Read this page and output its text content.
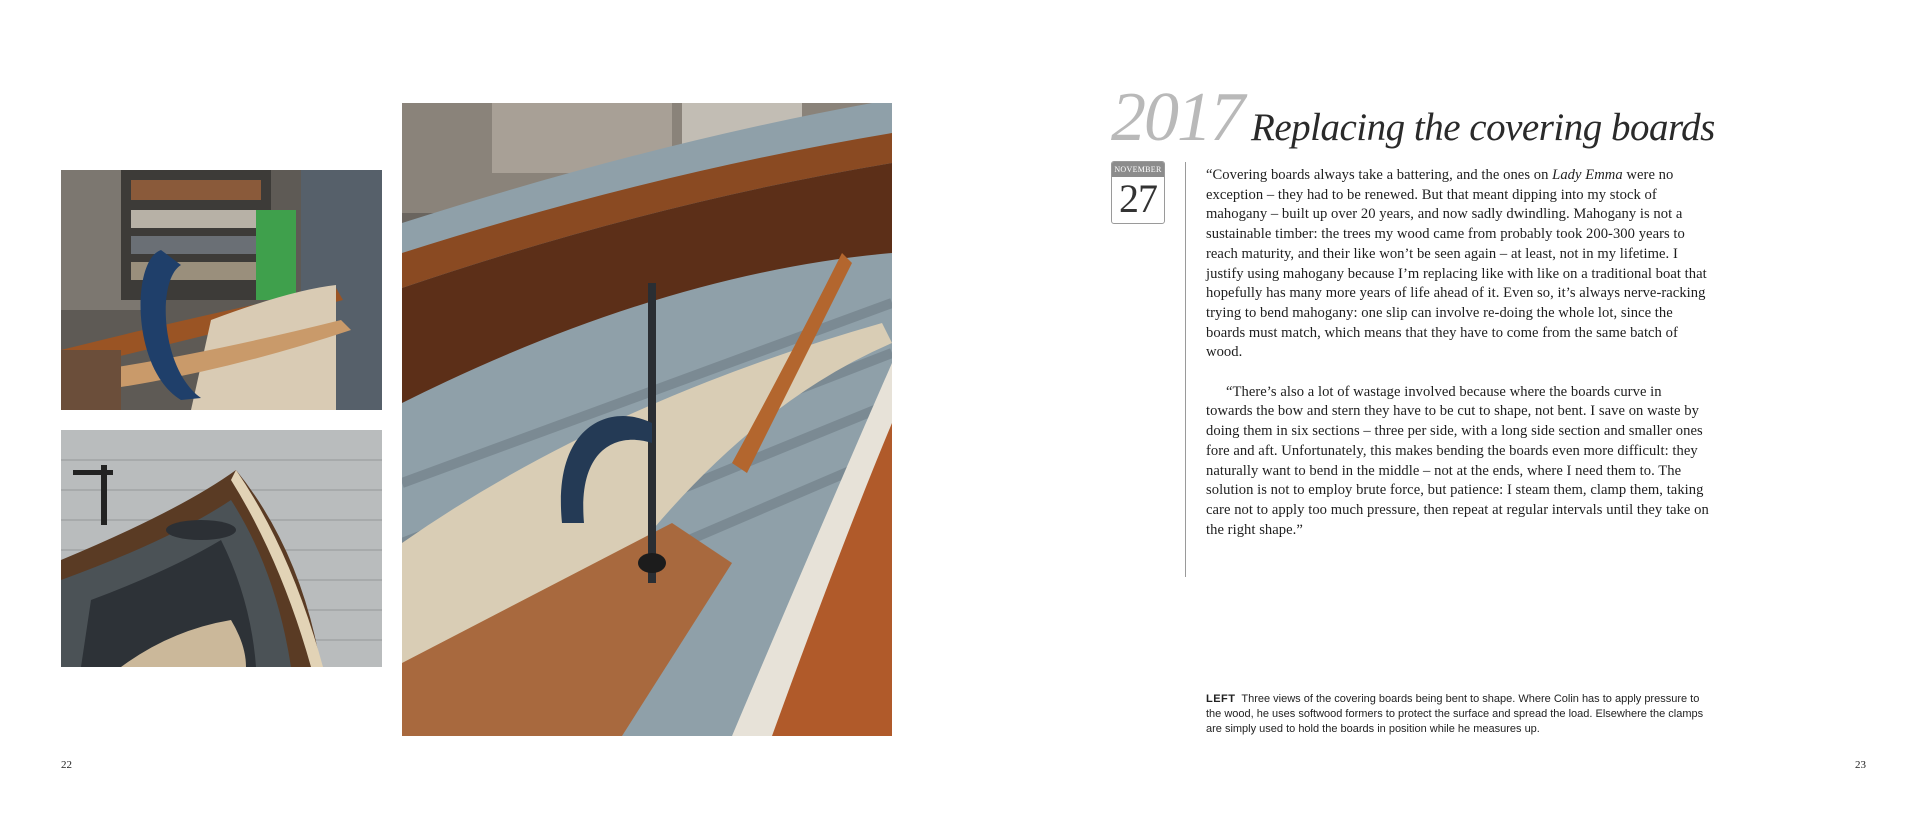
22
2017 Replacing the covering boards
NOVEMBER
27

“Covering boards always take a battering, and the ones on Lady Emma were no exception – they had to be renewed. But that meant dipping into my stock of mahogany – built up over 20 years, and now sadly dwindling. Mahogany is not a sustainable timber: the trees my wood came from probably took 200-300 years to reach maturity, and their like won’t be seen again – at least, not in my lifetime. I justify using mahogany because I’m replacing like with like on a traditional boat that hopefully has many more years of life ahead of it. Even so, it’s always nerve-racking trying to bend mahogany: one slip can involve re-doing the whole lot, since the boards must match, which means that they have to come from the same batch of wood.

“There’s also a lot of wastage involved because where the boards curve in towards the bow and stern they have to be cut to shape, not bent. I save on waste by doing them in six sections – three per side, with a long side section and smaller ones fore and aft. Unfortunately, this makes bending the boards even more difficult: they naturally want to bend in the middle – not at the ends, where I need them to. The solution is not to employ brute force, but patience: I steam them, clamp them, taking care not to apply too much pressure, then repeat at regular intervals until they take on the right shape.”

LEFT Three views of the covering boards being bent to shape. Where Colin has to apply pressure to the wood, he uses softwood formers to protect the surface and spread the load. Elsewhere the clamps are simply used to hold the boards in position while he measures up.
23
